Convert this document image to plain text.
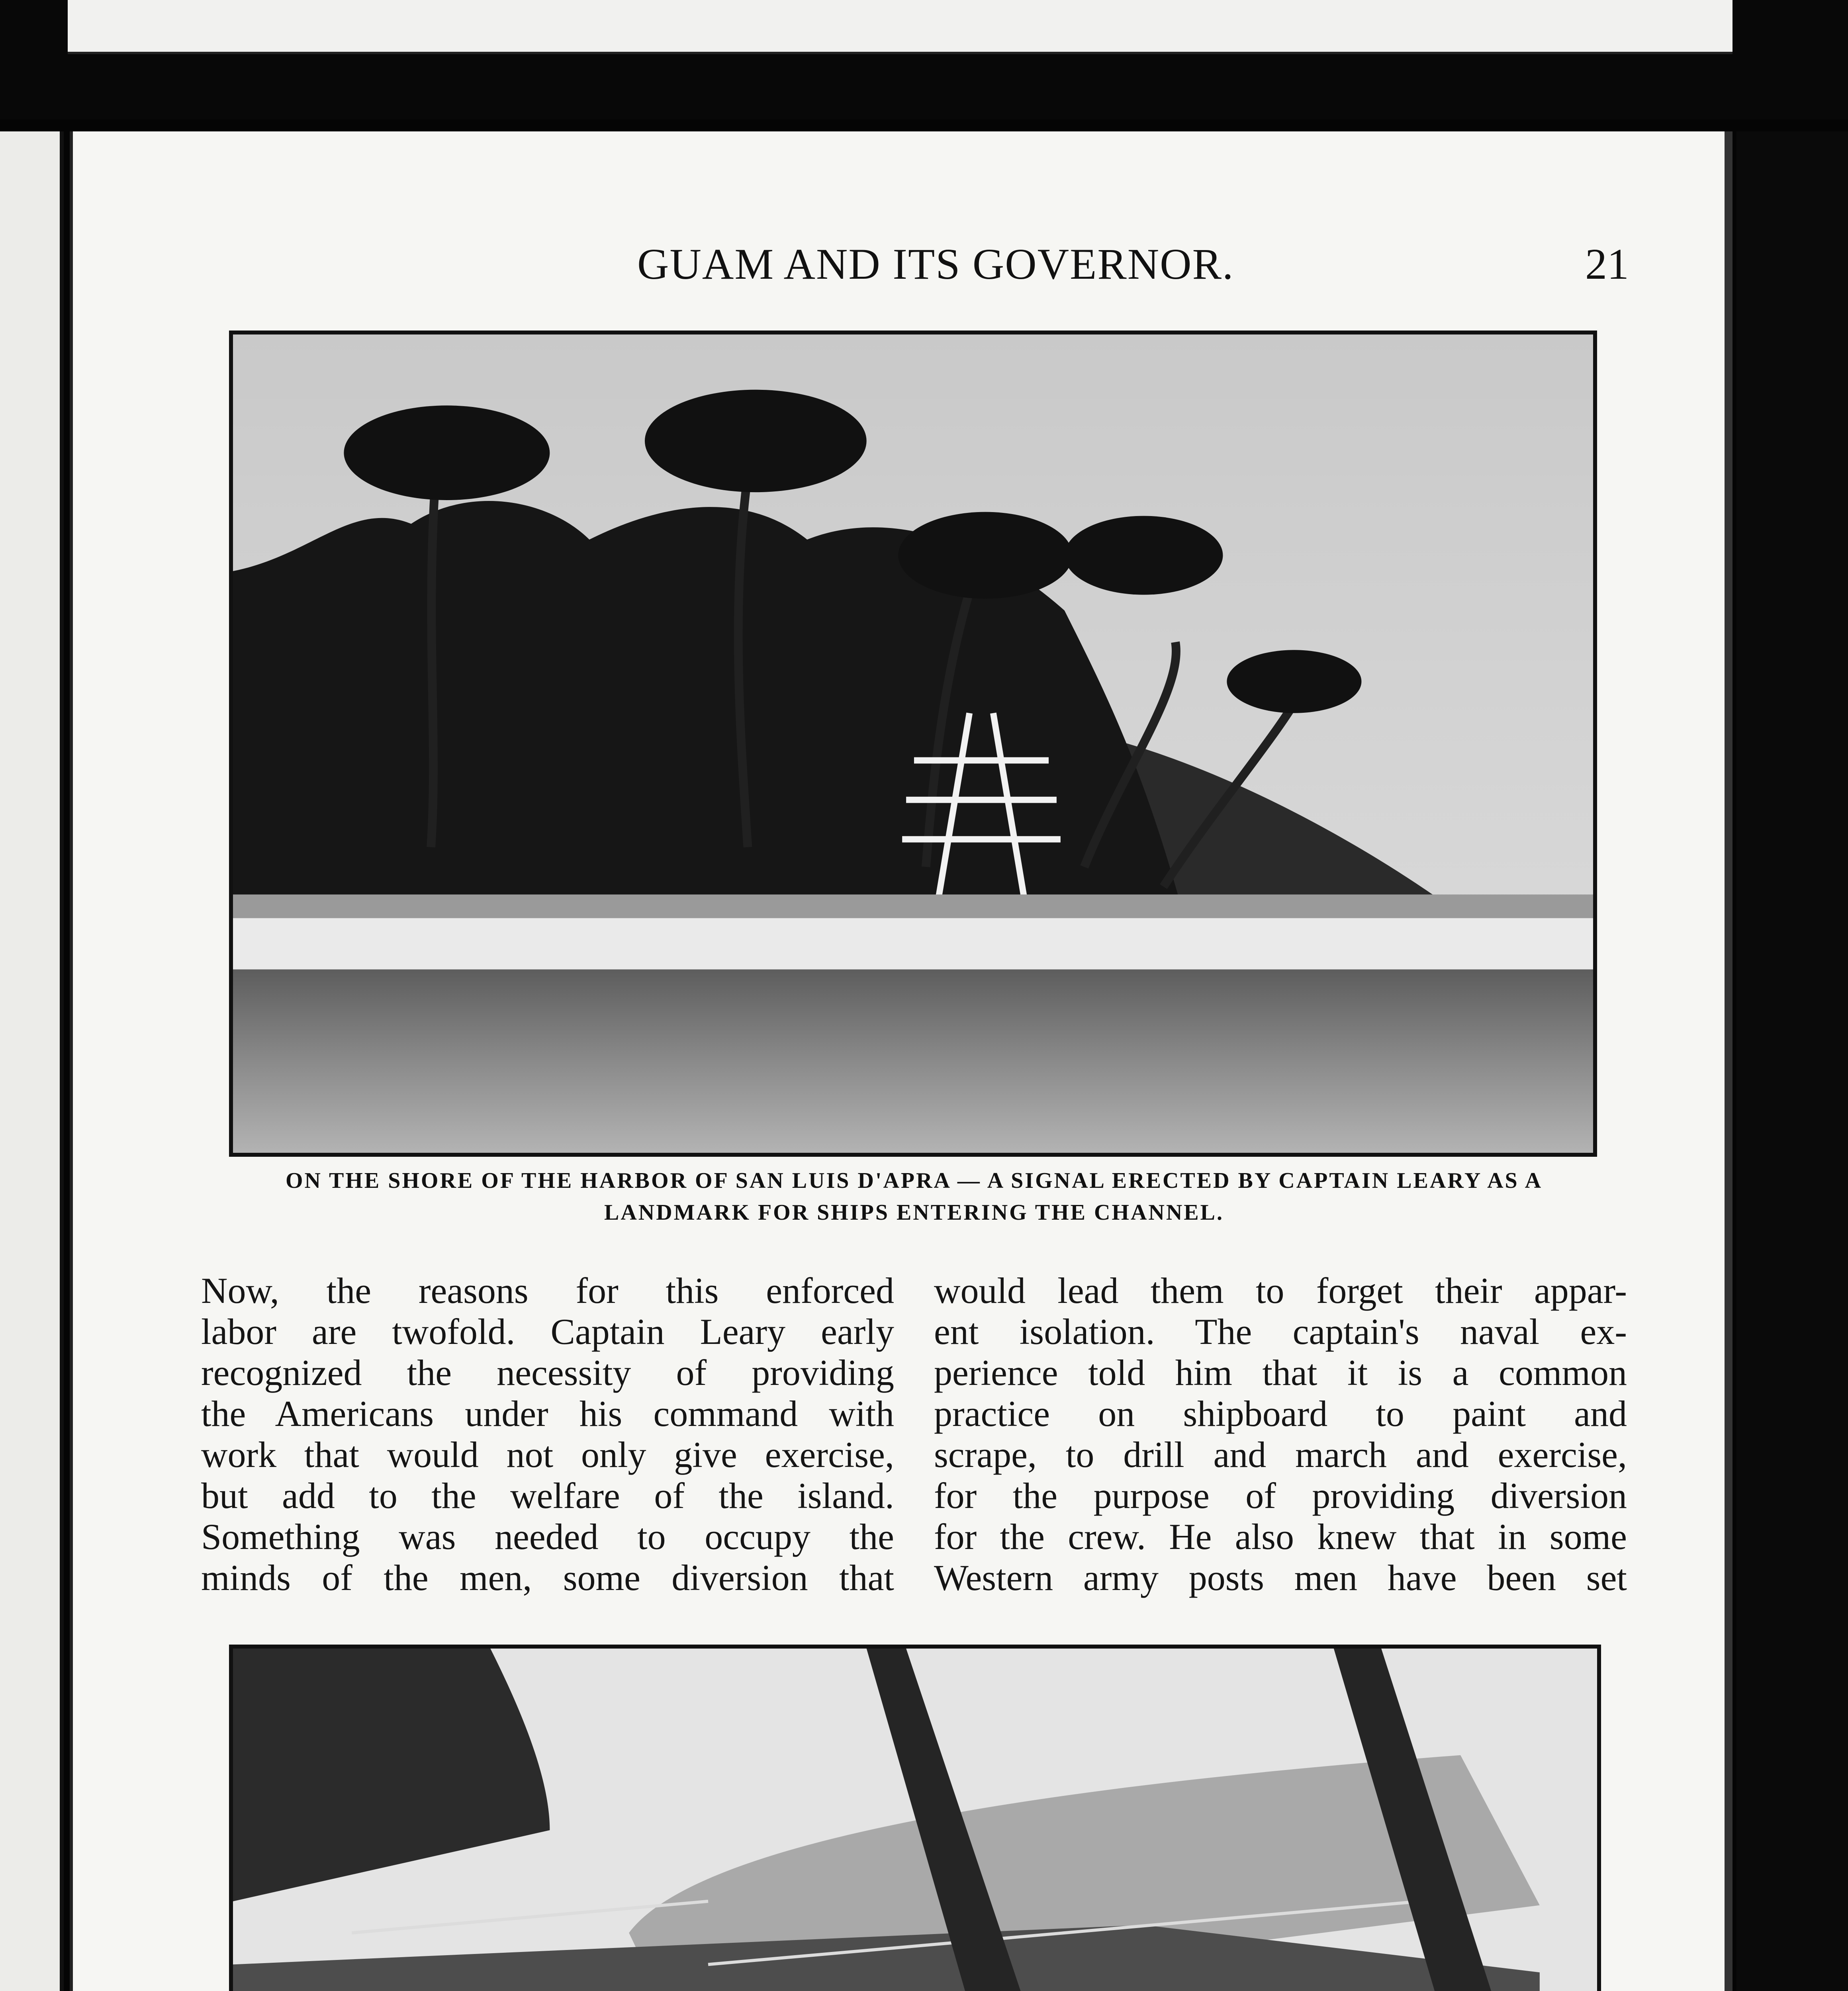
GUAM AND ITS GOVERNOR.	21
ON THE SHORE OF THE HARBOR OF SAN LUIS D'APRA — A SIGNAL ERECTED BY CAPTAIN LEARY AS A
LANDMARK FOR SHIPS ENTERING THE CHANNEL.

Now, the reasons for this enforced

labor are twofold. Captain Leary early

recognized the necessity of providing

the Americans under his command with

work that would not only give exercise,

but add to the welfare of the island.

Something was needed to occupy the

minds of the men, some diversion that

would lead them to forget their appar-

ent isolation. The captain's naval ex-

perience told him that it is a common

practice on shipboard to paint and

scrape, to drill and march and exercise,

for the purpose of providing diversion

for the crew. He also knew that in some

Western army posts men have been set
